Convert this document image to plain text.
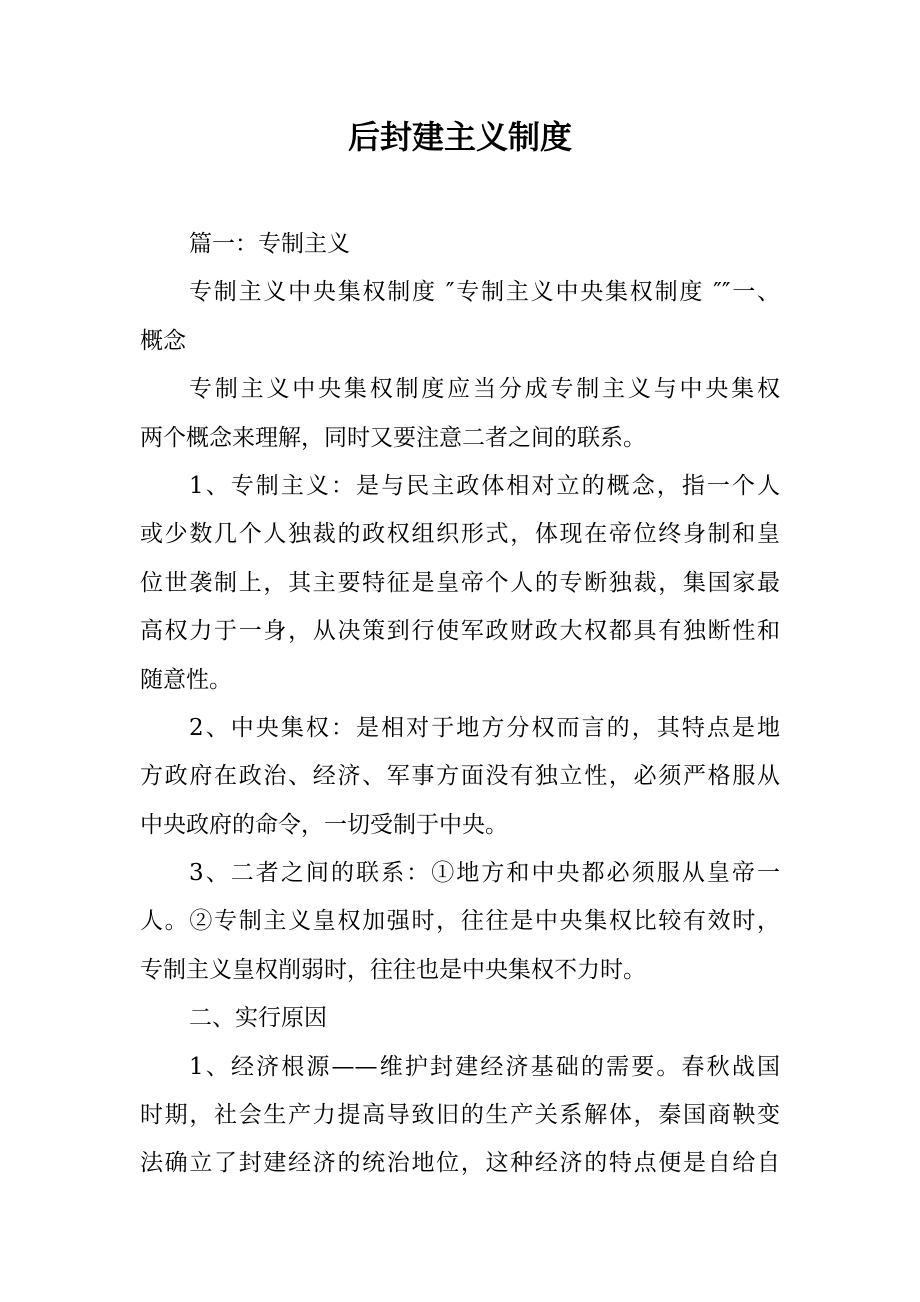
后封建主义制度
篇一：专制主义
专制主义中央集权制度 ″专制主义中央集权制度 ″″一、
概念
专制主义中央集权制度应当分成专制主义与中央集权
两个概念来理解，同时又要注意二者之间的联系。
1、专制主义：是与民主政体相对立的概念，指一个人
或少数几个人独裁的政权组织形式，体现在帝位终身制和皇
位世袭制上，其主要特征是皇帝个人的专断独裁，集国家最
高权力于一身，从决策到行使军政财政大权都具有独断性和
随意性。
2、中央集权：是相对于地方分权而言的，其特点是地
方政府在政治、经济、军事方面没有独立性，必须严格服从
中央政府的命令，一切受制于中央。
3、二者之间的联系：①地方和中央都必须服从皇帝一
人。②专制主义皇权加强时，往往是中央集权比较有效时，
专制主义皇权削弱时，往往也是中央集权不力时。
二、实行原因
1、经济根源——维护封建经济基础的需要。春秋战国
时期，社会生产力提高导致旧的生产关系解体，秦国商鞅变
法确立了封建经济的统治地位，这种经济的特点便是自给自
